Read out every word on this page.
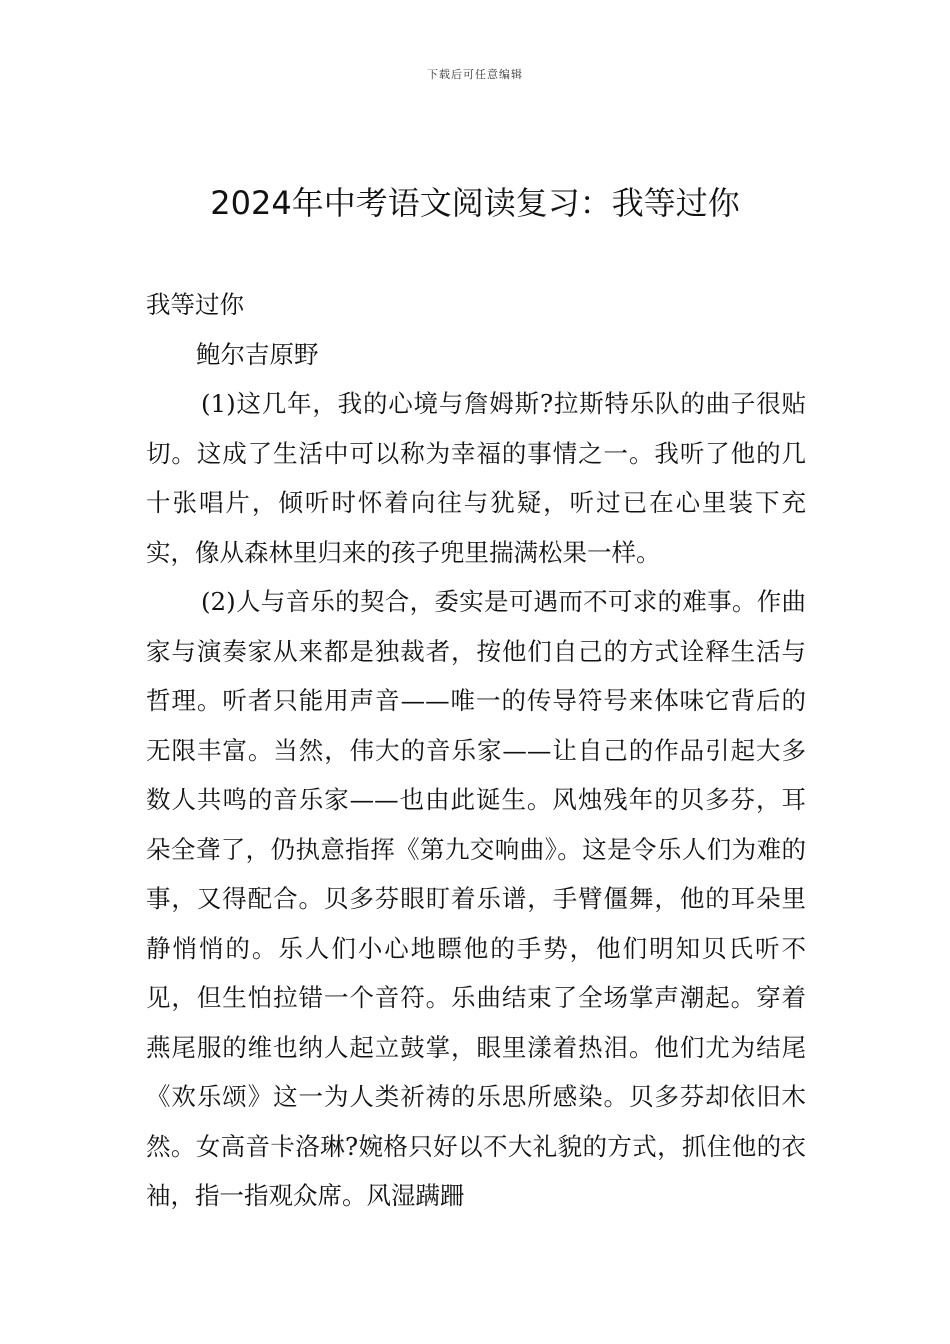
下载后可任意编辑
2024年中考语文阅读复习：我等过你

我等过你

鲍尔吉原野

(1)这几年，我的心境与詹姆斯?拉斯特乐队的曲子很贴切。这成了生活中可以称为幸福的事情之一。我听了他的几十张唱片，倾听时怀着向往与犹疑，听过已在心里装下充实，像从森林里归来的孩子兜里揣满松果一样。

(2)人与音乐的契合，委实是可遇而不可求的难事。作曲家与演奏家从来都是独裁者，按他们自己的方式诠释生活与哲理。听者只能用声音——唯一的传导符号来体味它背后的无限丰富。当然，伟大的音乐家——让自己的作品引起大多数人共鸣的音乐家——也由此诞生。风烛残年的贝多芬，耳朵全聋了，仍执意指挥《第九交响曲》。这是令乐人们为难的事，又得配合。贝多芬眼盯着乐谱，手臂僵舞，他的耳朵里静悄悄的。乐人们小心地瞟他的手势，他们明知贝氏听不见，但生怕拉错一个音符。乐曲结束了全场掌声潮起。穿着燕尾服的维也纳人起立鼓掌，眼里漾着热泪。他们尤为结尾《欢乐颂》这一为人类祈祷的乐思所感染。贝多芬却依旧木然。女高音卡洛琳?婉格只好以不大礼貌的方式，抓住他的衣袖，指一指观众席。风湿蹒跚
